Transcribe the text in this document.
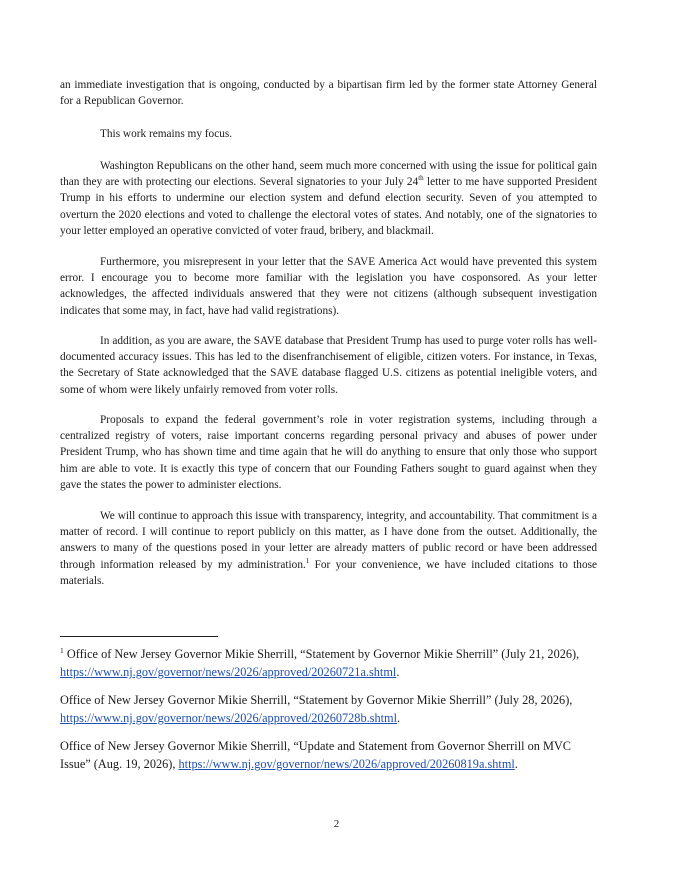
an immediate investigation that is ongoing, conducted by a bipartisan firm led by the former state Attorney General for a Republican Governor.

This work remains my focus.

Washington Republicans on the other hand, seem much more concerned with using the issue for political gain than they are with protecting our elections. Several signatories to your July 24th letter to me have supported President Trump in his efforts to undermine our election system and defund election security. Seven of you attempted to overturn the 2020 elections and voted to challenge the electoral votes of states. And notably, one of the signatories to your letter employed an operative convicted of voter fraud, bribery, and blackmail.

Furthermore, you misrepresent in your letter that the SAVE America Act would have prevented this system error. I encourage you to become more familiar with the legislation you have cosponsored. As your letter acknowledges, the affected individuals answered that they were not citizens (although subsequent investigation indicates that some may, in fact, have had valid registrations).

In addition, as you are aware, the SAVE database that President Trump has used to purge voter rolls has well-documented accuracy issues. This has led to the disenfranchisement of eligible, citizen voters. For instance, in Texas, the Secretary of State acknowledged that the SAVE database flagged U.S. citizens as potential ineligible voters, and some of whom were likely unfairly removed from voter rolls.

Proposals to expand the federal government’s role in voter registration systems, including through a centralized registry of voters, raise important concerns regarding personal privacy and abuses of power under President Trump, who has shown time and time again that he will do anything to ensure that only those who support him are able to vote. It is exactly this type of concern that our Founding Fathers sought to guard against when they gave the states the power to administer elections.

We will continue to approach this issue with transparency, integrity, and accountability. That commitment is a matter of record. I will continue to report publicly on this matter, as I have done from the outset. Additionally, the answers to many of the questions posed in your letter are already matters of public record or have been addressed through information released by my administration.$^1$ For your convenience, we have included citations to those materials.

$^1$ Office of New Jersey Governor Mikie Sherrill, “Statement by Governor Mikie Sherrill” (July 21, 2026), https://www.nj.gov/governor/news/2026/approved/20260721a.shtml.
Office of New Jersey Governor Mikie Sherrill, “Statement by Governor Mikie Sherrill” (July 28, 2026), https://www.nj.gov/governor/news/2026/approved/20260728b.shtml.
Office of New Jersey Governor Mikie Sherrill, “Update and Statement from Governor Sherrill on MVC Issue” (Aug. 19, 2026), https://www.nj.gov/governor/news/2026/approved/20260819a.shtml.
2
